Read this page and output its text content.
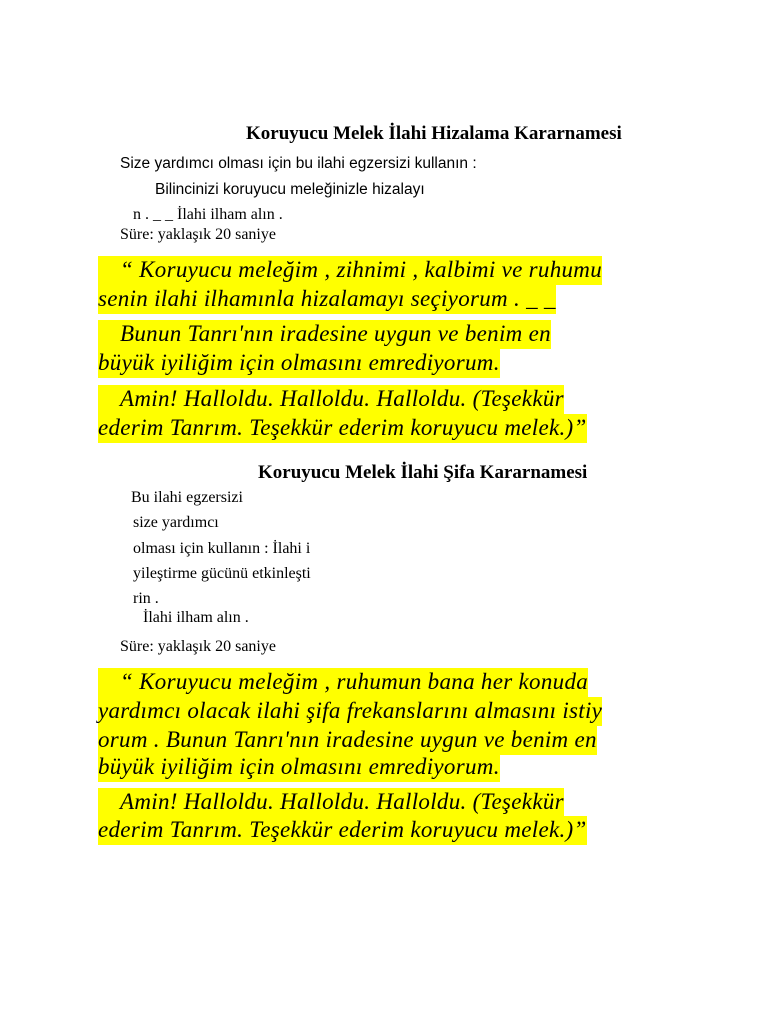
Koruyucu Melek İlahi Hizalama Kararnamesi
Size yardımcı olması için bu ilahi egzersizi kullanın :
Bilincinizi koruyucu meleğinizle hizalayı
n . _ _ İlahi ilham alın .
Süre: yaklaşık 20 saniye
“ Koruyucu meleğim , zihnimi , kalbimi ve ruhumu
senin ilahi ilhamınla hizalamayı seçiyorum . _ _
Bunun Tanrı'nın iradesine uygun ve benim en
büyük iyiliğim için olmasını emrediyorum.
Amin! Halloldu. Halloldu. Halloldu. (Teşekkür
ederim Tanrım. Teşekkür ederim koruyucu melek.)”
Koruyucu Melek İlahi Şifa Kararnamesi
Bu ilahi egzersizi
size yardımcı
olması için kullanın : İlahi i
yileştirme gücünü etkinleşti
rin .
İlahi ilham alın .
Süre: yaklaşık 20 saniye
“ Koruyucu meleğim , ruhumun bana her konuda
yardımcı olacak ilahi şifa frekanslarını almasını istiy
orum . Bunun Tanrı'nın iradesine uygun ve benim en
büyük iyiliğim için olmasını emrediyorum.
Amin! Halloldu. Halloldu. Halloldu. (Teşekkür
ederim Tanrım. Teşekkür ederim koruyucu melek.)”
